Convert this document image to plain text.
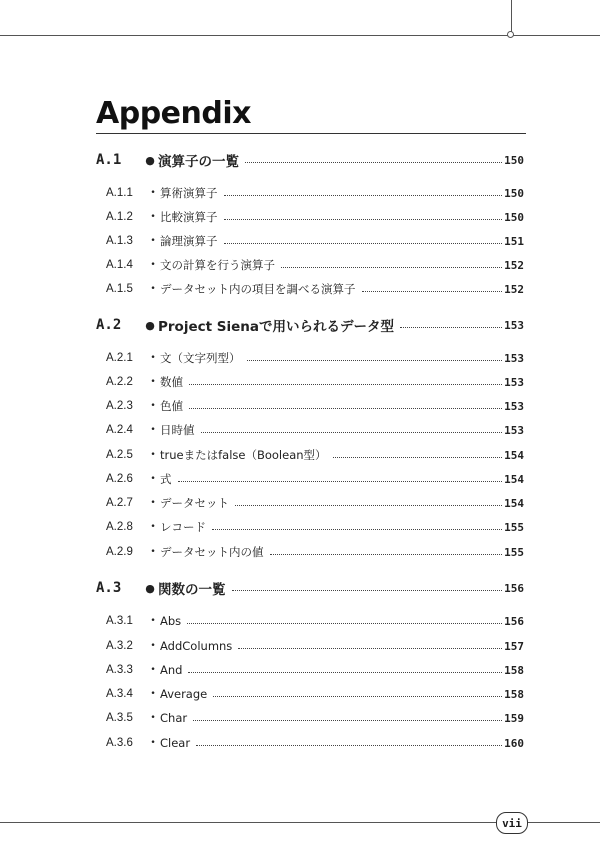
Appendix
A.1	● 演算子の一覧	150
A.1.1	• 算術演算子	150
A.1.2	• 比較演算子	150
A.1.3	• 論理演算子	151
A.1.4	• 文の計算を行う演算子	152
A.1.5	• データセット内の項目を調べる演算子	152
A.2	● Project Sienaで用いられるデータ型	153
A.2.1	• 文（文字列型）	153
A.2.2	• 数値	153
A.2.3	• 色値	153
A.2.4	• 日時値	153
A.2.5	• trueまたはfalse（Boolean型）	154
A.2.6	• 式	154
A.2.7	• データセット	154
A.2.8	• レコード	155
A.2.9	• データセット内の値	155
A.3	● 関数の一覧	156
A.3.1	• Abs	156
A.3.2	• AddColumns	157
A.3.3	• And	158
A.3.4	• Average	158
A.3.5	• Char	159
A.3.6	• Clear	160
vii
